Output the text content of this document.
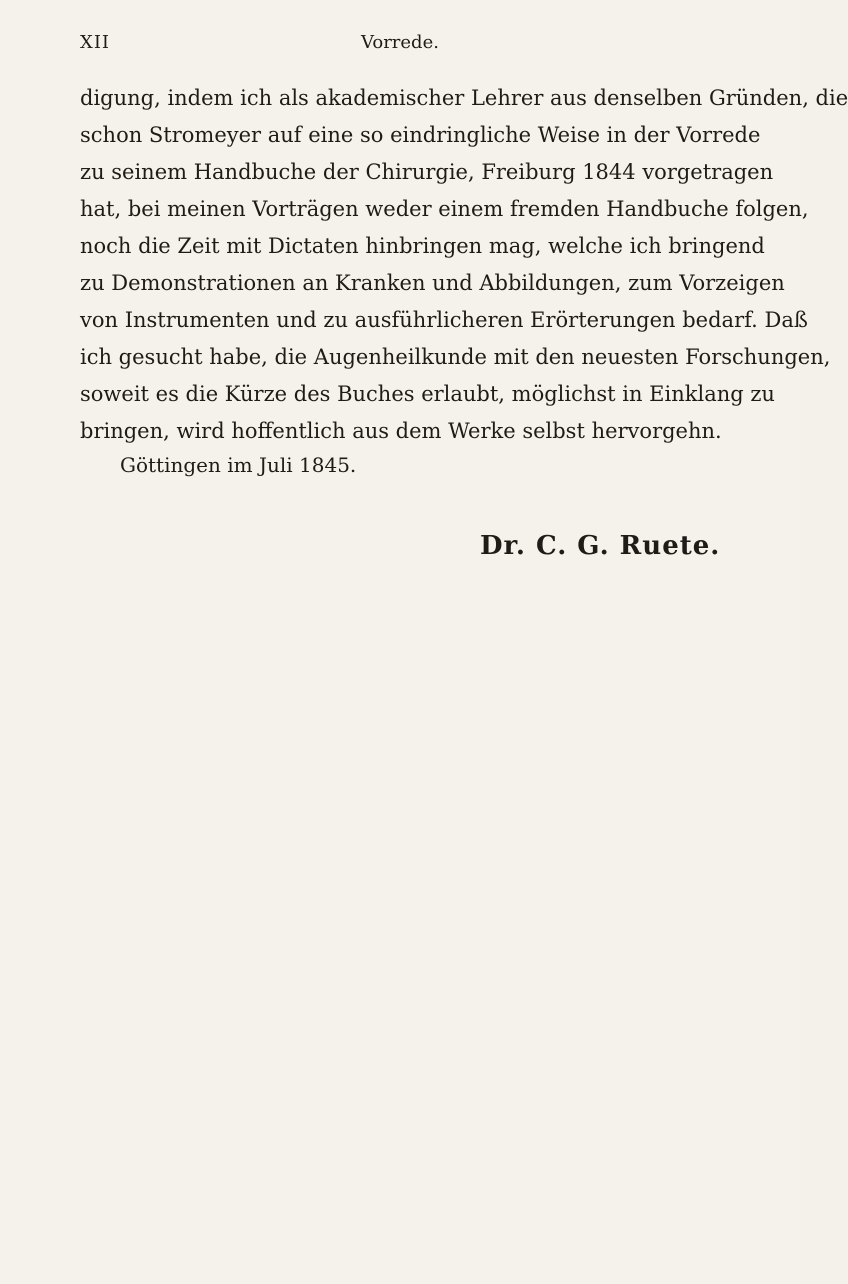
XII	Vorrede.
digung, indem ich als akademischer Lehrer aus denselben Gründen, die
schon Stromeyer auf eine so eindringliche Weise in der Vorrede
zu seinem Handbuche der Chirurgie, Freiburg 1844 vorgetragen
hat, bei meinen Vorträgen weder einem fremden Handbuche folgen,
noch die Zeit mit Dictaten hinbringen mag, welche ich bringend
zu Demonstrationen an Kranken und Abbildungen, zum Vorzeigen
von Instrumenten und zu ausführlicheren Erörterungen bedarf. Daß
ich gesucht habe, die Augenheilkunde mit den neuesten Forschungen,
soweit es die Kürze des Buches erlaubt, möglichst in Einklang zu
bringen, wird hoffentlich aus dem Werke selbst hervorgehn.
Göttingen im Juli 1845.
Dr. C. G. Ruete.
